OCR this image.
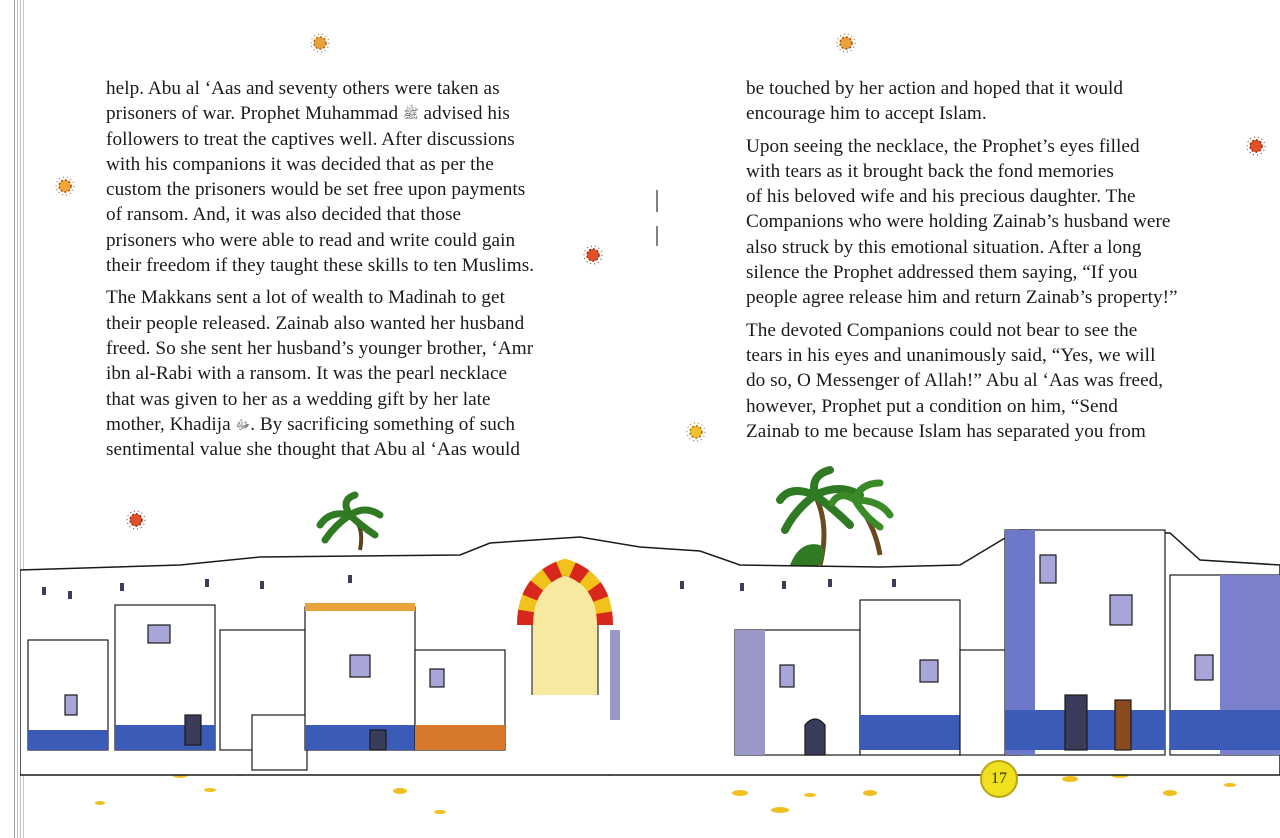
help. Abu al ‘Aas and seventy others were taken as
prisoners of war. Prophet Muhammad ﷺ advised his
followers to treat the captives well. After discussions
with his companions it was decided that as per the
custom the prisoners would be set free upon payments
of ransom. And, it was also decided that those
prisoners who were able to read and write could gain
their freedom if they taught these skills to ten Muslims.

The Makkans sent a lot of wealth to Madinah to get
their people released. Zainab also wanted her husband
freed. So she sent her husband’s younger brother, ‘Amr
ibn al-Rabi with a ransom. It was the pearl necklace
that was given to her as a wedding gift by her late
mother, Khadija ﷻ. By sacrificing something of such
sentimental value she thought that Abu al ‘Aas would

be touched by her action and hoped that it would
encourage him to accept Islam.

Upon seeing the necklace, the Prophet’s eyes filled
with tears as it brought back the fond memories
of his beloved wife and his precious daughter. The
Companions who were holding Zainab’s husband were
also struck by this emotional situation. After a long
silence the Prophet addressed them saying, “If you
people agree release him and return Zainab’s property!”

The devoted Companions could not bear to see the
tears in his eyes and unanimously said, “Yes, we will
do so, O Messenger of Allah!” Abu al ‘Aas was freed,
however, Prophet put a condition on him, “Send
Zainab to me because Islam has separated you from

17
